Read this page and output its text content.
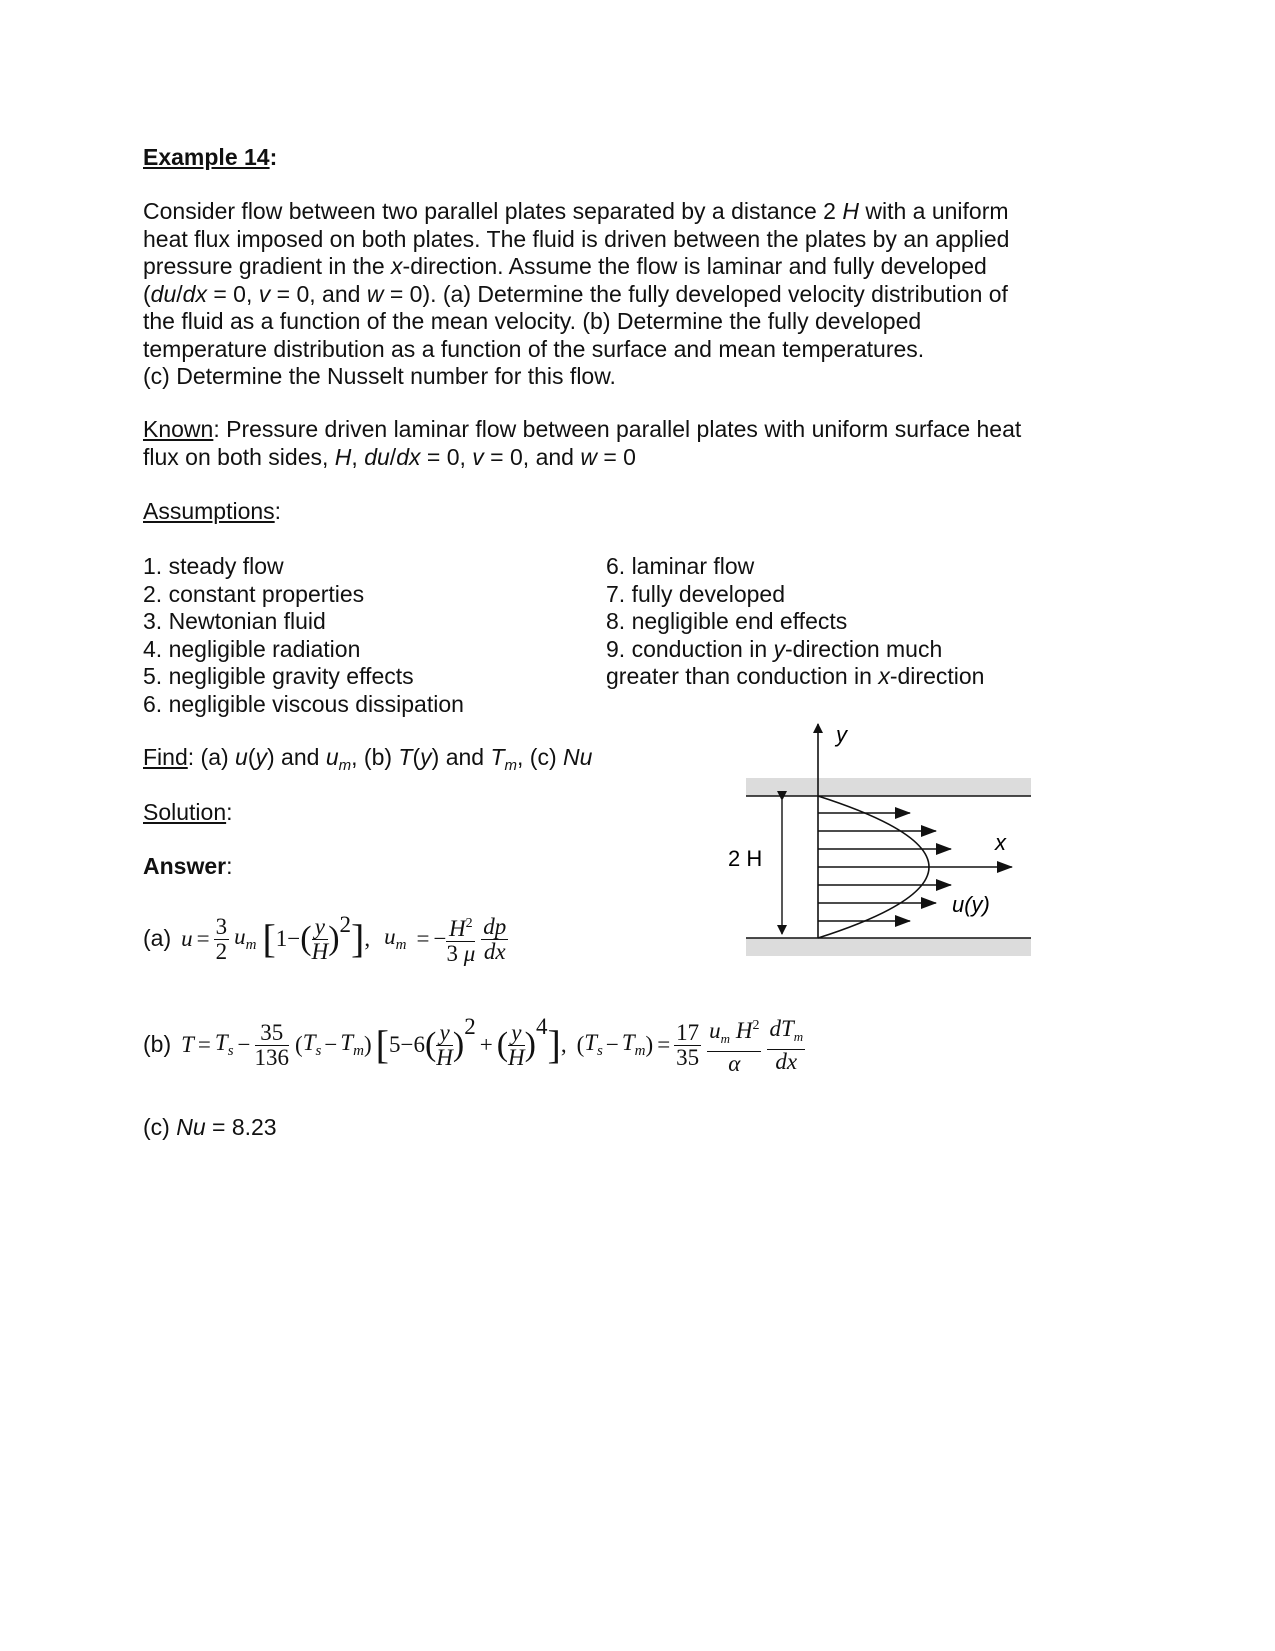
Example 14:
Consider flow between two parallel plates separated by a distance 2 H with a uniform
heat flux imposed on both plates. The fluid is driven between the plates by an applied
pressure gradient in the x-direction. Assume the flow is laminar and fully developed
(du/dx = 0, v = 0, and w = 0). (a) Determine the fully developed velocity distribution of
the fluid as a function of the mean velocity. (b) Determine the fully developed
temperature distribution as a function of the surface and mean temperatures.
(c) Determine the Nusselt number for this flow.
Known: Pressure driven laminar flow between parallel plates with uniform surface heat
flux on both sides, H, du/dx = 0, v = 0, and w = 0
Assumptions:
1. steady flow
2. constant properties
3. Newtonian fluid
4. negligible radiation
5. negligible gravity effects
6. negligible viscous dissipation
6. laminar flow
7. fully developed
8. negligible end effects
9. conduction in y-direction much
greater than conduction in x-direction
Find: (a) u(y) and $u_m$, (b) T(y) and $T_m$, (c) Nu
Solution:
Answer:
(a) $u = \frac{3}{2} u_m$ [ 1 − ( $\frac{y}{H}$ ) 2 ] , $u_m$ = − $\frac{H^2}{3 \mu} \frac{dp}{dx}$
(b) $T = T_s - \frac{35}{136}$ ( $T_s - T_m$ ) [ 5 − 6 ( $\frac{y}{H}$ ) 2
+ ( $\frac{y}{H}$ ) 4 ] , ( $T_s - T_m$ ) = $\frac{17}{35} \frac{u_m H^2}{\alpha} \frac{dT_m}{dx}$
(c) Nu = 8.23
y
x
2 H
u(y)
